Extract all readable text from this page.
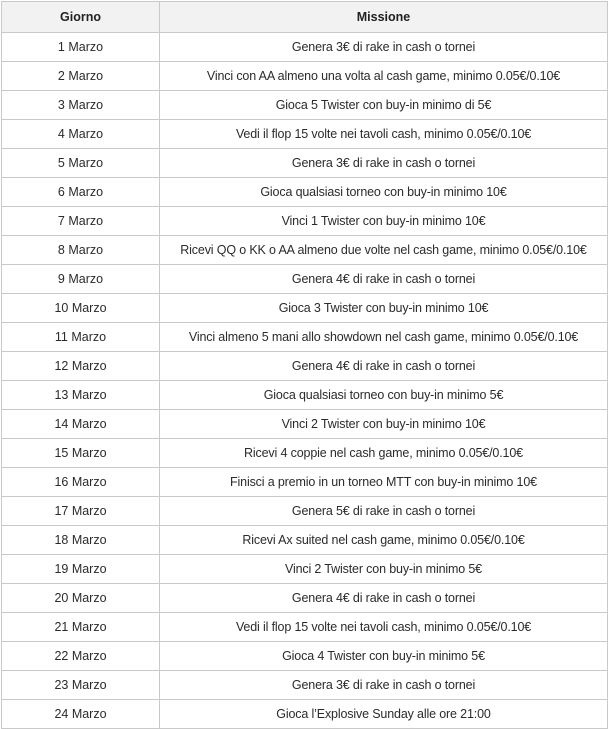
Giorno	Missione
1 Marzo	Genera 3€ di rake in cash o tornei
2 Marzo	Vinci con AA almeno una volta al cash game, minimo 0.05€/0.10€
3 Marzo	Gioca 5 Twister con buy-in minimo di 5€
4 Marzo	Vedi il flop 15 volte nei tavoli cash, minimo 0.05€/0.10€
5 Marzo	Genera 3€ di rake in cash o tornei
6 Marzo	Gioca qualsiasi torneo con buy-in minimo 10€
7 Marzo	Vinci 1 Twister con buy-in minimo 10€
8 Marzo	Ricevi QQ o KK o AA almeno due volte nel cash game, minimo 0.05€/0.10€
9 Marzo	Genera 4€ di rake in cash o tornei
10 Marzo	Gioca 3 Twister con buy-in minimo 10€
11 Marzo	Vinci almeno 5 mani allo showdown nel cash game, minimo 0.05€/0.10€
12 Marzo	Genera 4€ di rake in cash o tornei
13 Marzo	Gioca qualsiasi torneo con buy-in minimo 5€
14 Marzo	Vinci 2 Twister con buy-in minimo 10€
15 Marzo	Ricevi 4 coppie nel cash game, minimo 0.05€/0.10€
16 Marzo	Finisci a premio in un torneo MTT con buy-in minimo 10€
17 Marzo	Genera 5€ di rake in cash o tornei
18 Marzo	Ricevi Ax suited nel cash game, minimo 0.05€/0.10€
19 Marzo	Vinci 2 Twister con buy-in minimo 5€
20 Marzo	Genera 4€ di rake in cash o tornei
21 Marzo	Vedi il flop 15 volte nei tavoli cash, minimo 0.05€/0.10€
22 Marzo	Gioca 4 Twister con buy-in minimo 5€
23 Marzo	Genera 3€ di rake in cash o tornei
24 Marzo	Gioca l’Explosive Sunday alle ore 21:00
